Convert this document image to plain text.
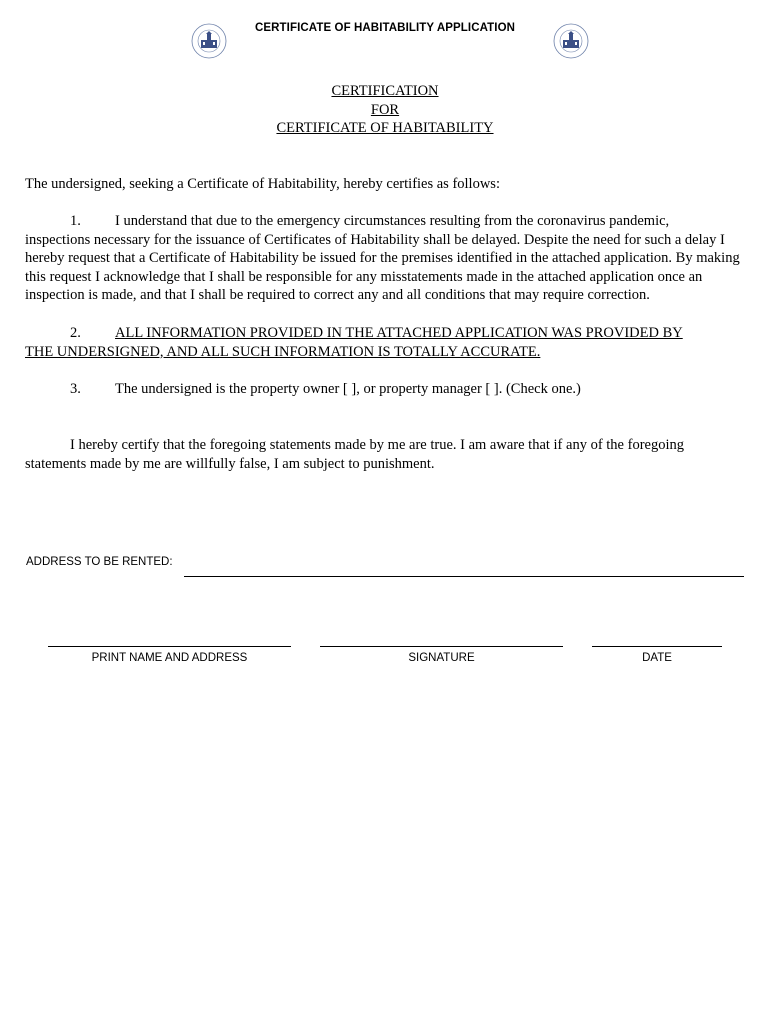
CERTIFICATE OF HABITABILITY APPLICATION
CERTIFICATION
FOR
CERTIFICATE OF HABITABILITY
The undersigned, seeking a Certificate of Habitability, hereby certifies as follows:
1. I understand that due to the emergency circumstances resulting from the coronavirus pandemic,
inspections necessary for the issuance of Certificates of Habitability shall be delayed. Despite the need for such a delay I hereby request that a Certificate of Habitability be issued for the premises identified in the attached application. By making this request I acknowledge that I shall be responsible for any misstatements made in the attached application once an inspection is made, and that I shall be required to correct any and all conditions that may require correction.
2. ALL INFORMATION PROVIDED IN THE ATTACHED APPLICATION WAS PROVIDED BY
THE UNDERSIGNED, AND ALL SUCH INFORMATION IS TOTALLY ACCURATE.
3. The undersigned is the property owner [ ], or property manager [ ]. (Check one.)
I hereby certify that the foregoing statements made by me are true. I am aware that if any of the foregoing statements made by me are willfully false, I am subject to punishment.
ADDRESS TO BE RENTED:
PRINT NAME AND ADDRESS	SIGNATURE	DATE
